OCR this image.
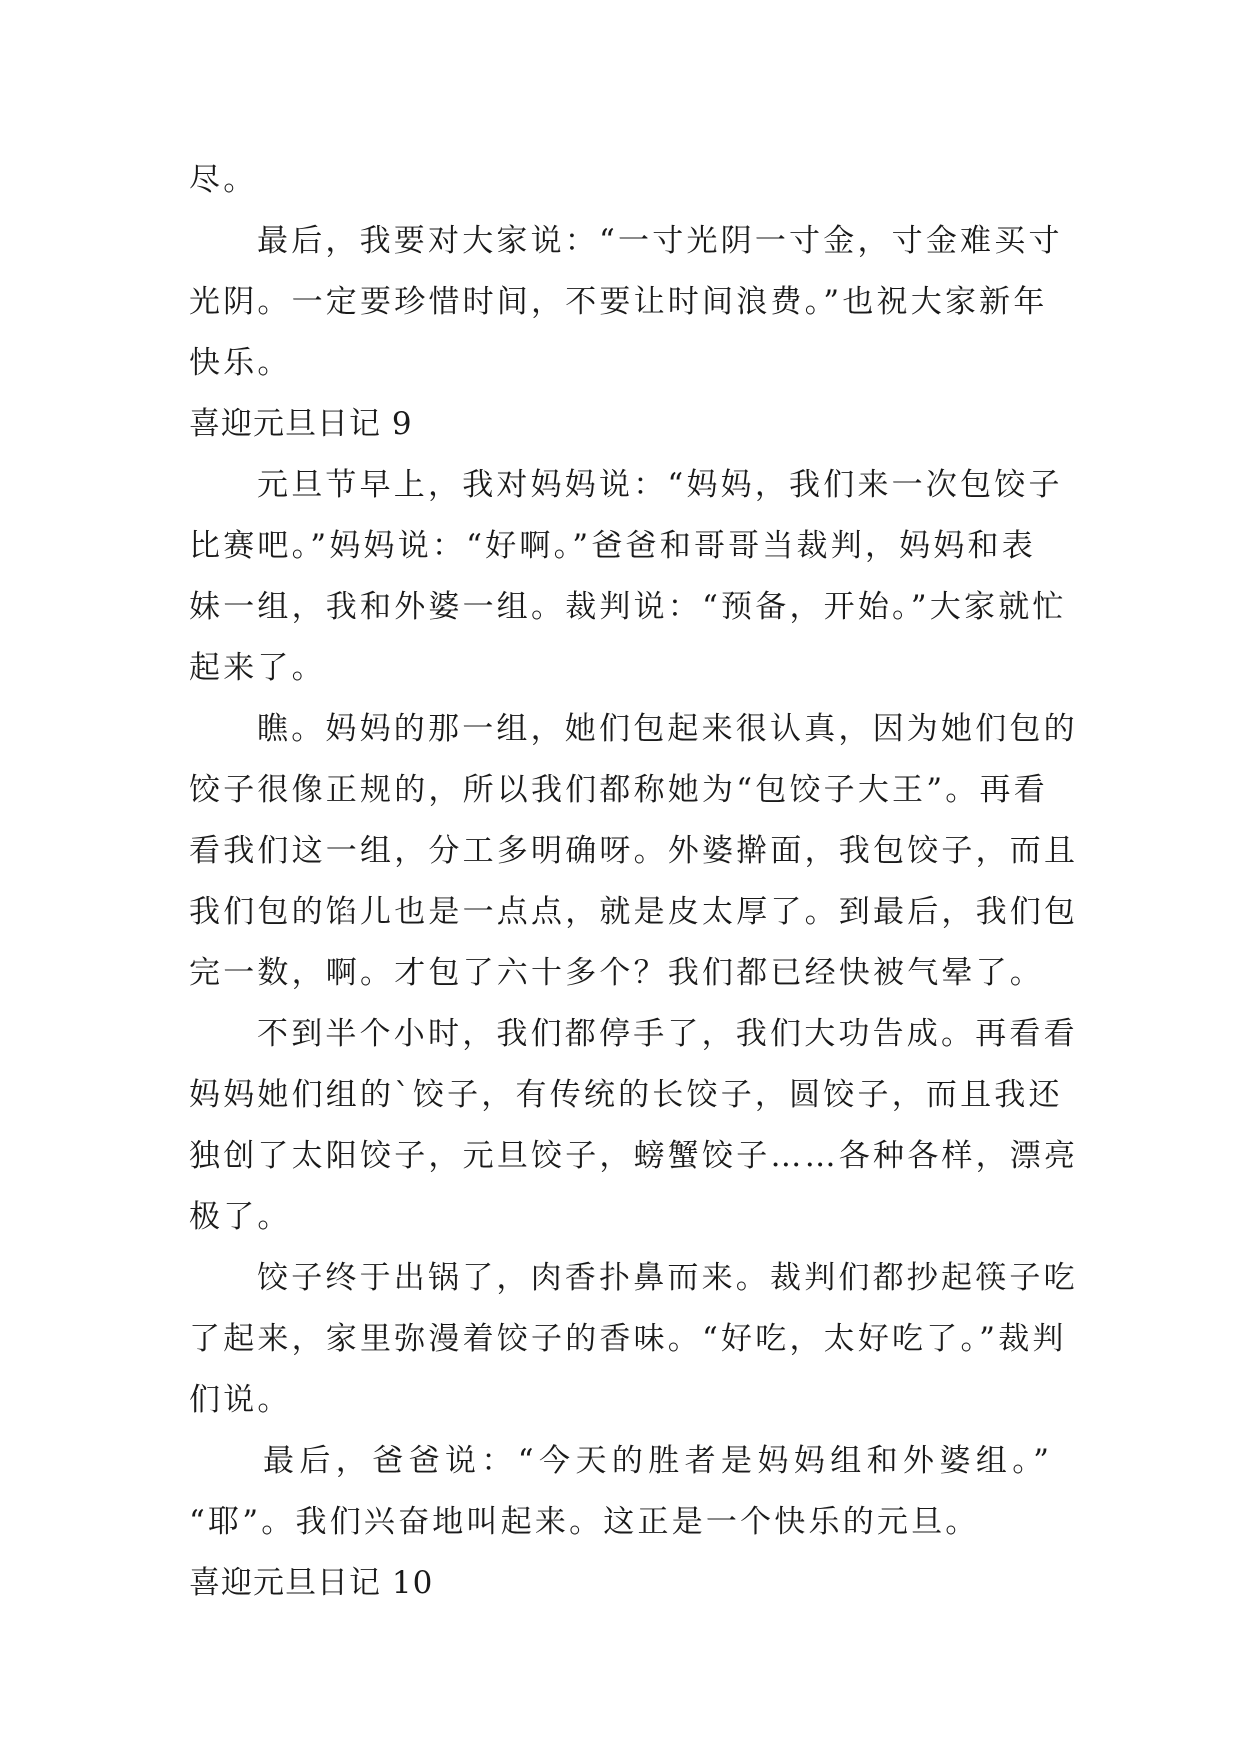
尽。
最后，我要对大家说：“一寸光阴一寸金，寸金难买寸
光阴。一定要珍惜时间，不要让时间浪费。”也祝大家新年
快乐。
喜迎元旦日记 9
元旦节早上，我对妈妈说：“妈妈，我们来一次包饺子
比赛吧。”妈妈说：“好啊。”爸爸和哥哥当裁判，妈妈和表
妹一组，我和外婆一组。裁判说：“预备，开始。”大家就忙
起来了。
瞧。妈妈的那一组，她们包起来很认真，因为她们包的
饺子很像正规的，所以我们都称她为“包饺子大王”。再看
看我们这一组，分工多明确呀。外婆擀面，我包饺子，而且
我们包的馅儿也是一点点，就是皮太厚了。到最后，我们包
完一数，啊。才包了六十多个？我们都已经快被气晕了。
不到半个小时，我们都停手了，我们大功告成。再看看
妈妈她们组的`饺子，有传统的长饺子，圆饺子，而且我还
独创了太阳饺子，元旦饺子，螃蟹饺子……各种各样，漂亮
极了。
饺子终于出锅了，肉香扑鼻而来。裁判们都抄起筷子吃
了起来，家里弥漫着饺子的香味。“好吃，太好吃了。”裁判
们说。
最后，爸爸说：“今天的胜者是妈妈组和外婆组。”
“耶”。我们兴奋地叫起来。这正是一个快乐的元旦。
喜迎元旦日记 10
